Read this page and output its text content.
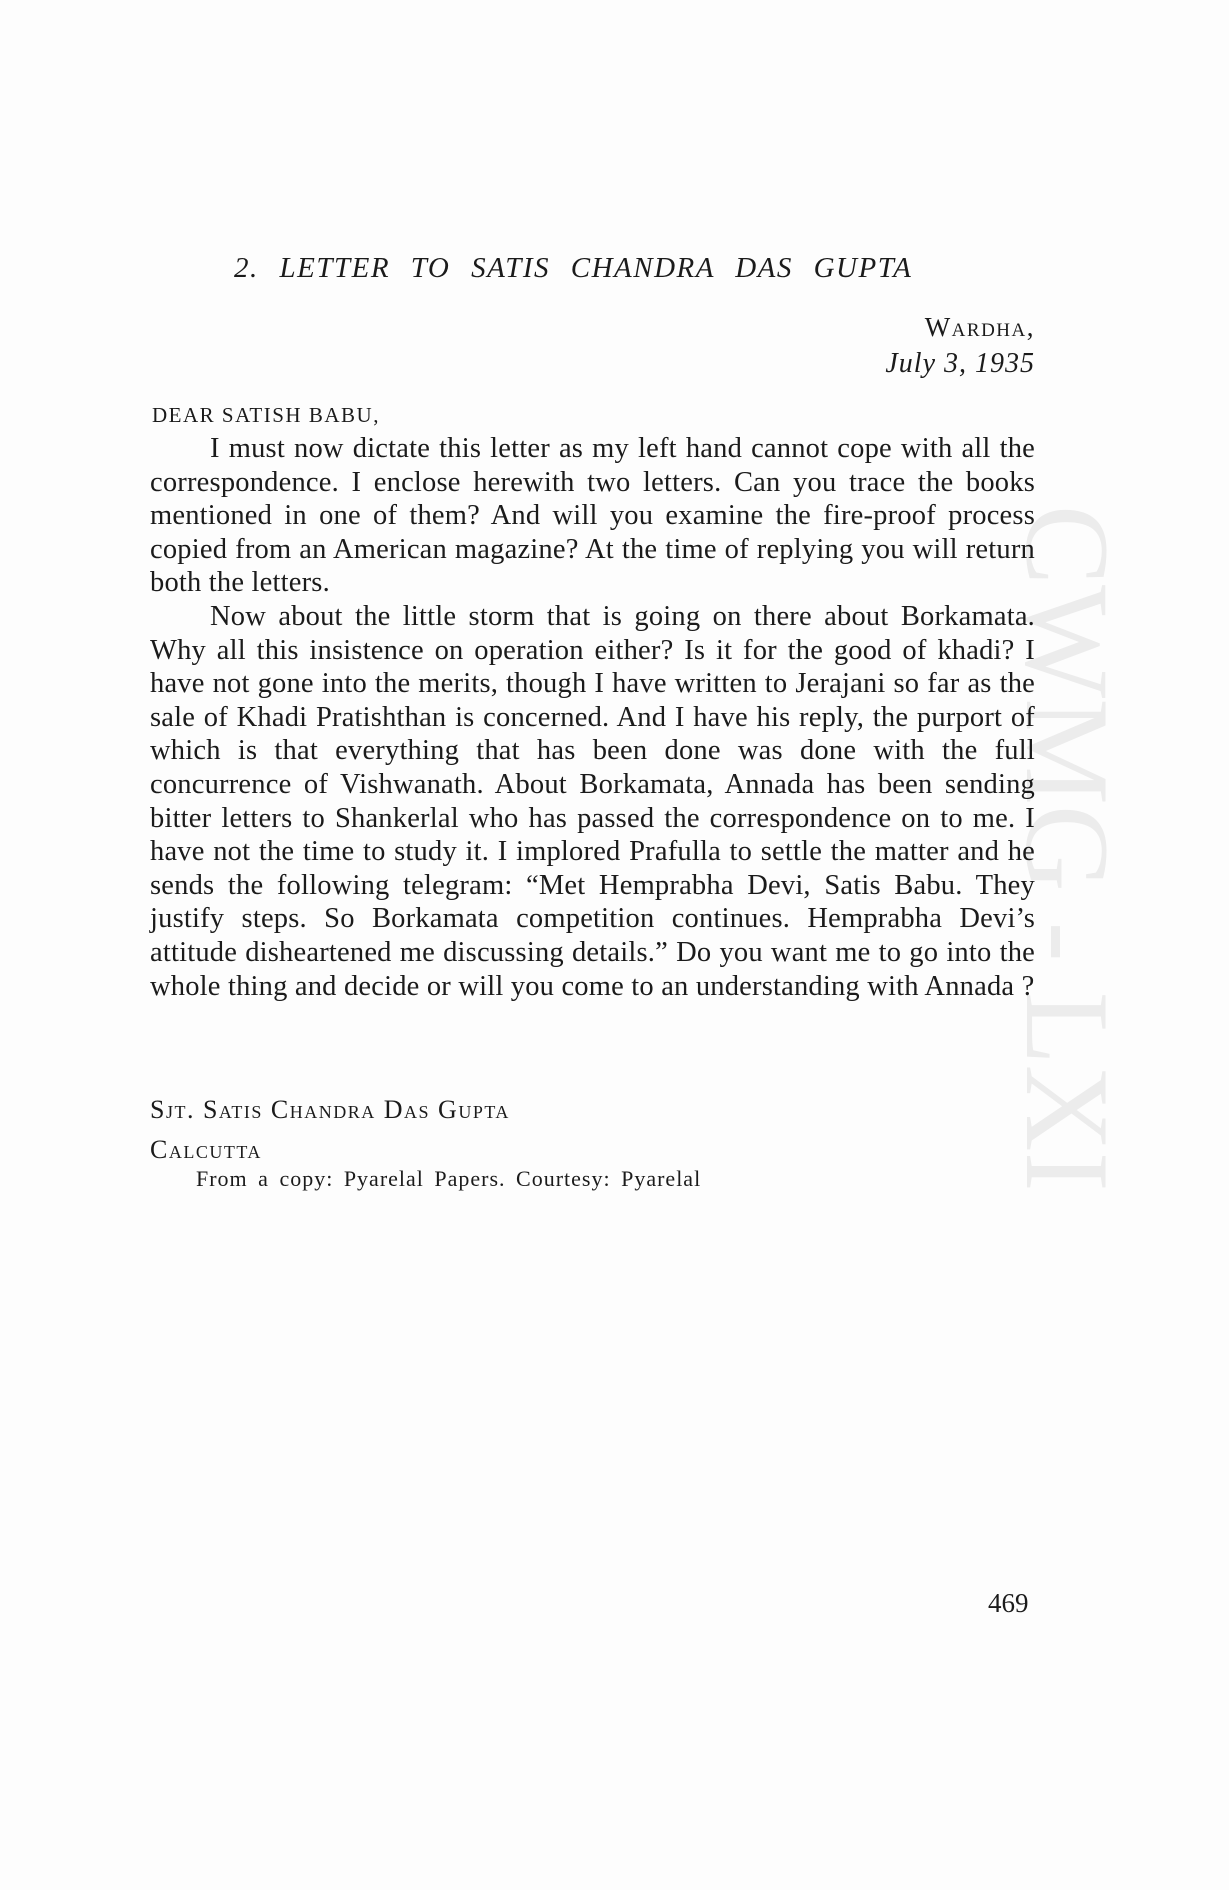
CWMG - LXI
2. LETTER TO SATIS CHANDRA DAS GUPTA
Wardha,
July 3, 1935
DEAR SATISH BABU,

I must now dictate this letter as my left hand cannot cope with all the correspondence. I enclose herewith two letters. Can you trace the books mentioned in one of them? And will you examine the fire-proof process copied from an American magazine? At the time of replying you will return both the letters.

Now about the little storm that is going on there about Borkamata. Why all this insistence on operation either? Is it for the good of khadi? I have not gone into the merits, though I have written to Jerajani so far as the sale of Khadi Pratishthan is concerned. And I have his reply, the purport of which is that everything that has been done was done with the full concurrence of Vishwanath. About Borkamata, Annada has been sending bitter letters to Shankerlal who has passed the correspondence on to me. I have not the time to study it. I implored Prafulla to settle the matter and he sends the following telegram: “Met Hemprabha Devi, Satis Babu. They justify steps. So Borkamata competition continues. Hemprabha Devi’s attitude disheartened me discussing details.” Do you want me to go into the whole thing and decide or will you come to an understanding with Annada ?

Sjt. Satis Chandra Das Gupta
Calcutta
From a copy: Pyarelal Papers. Courtesy: Pyarelal
469
